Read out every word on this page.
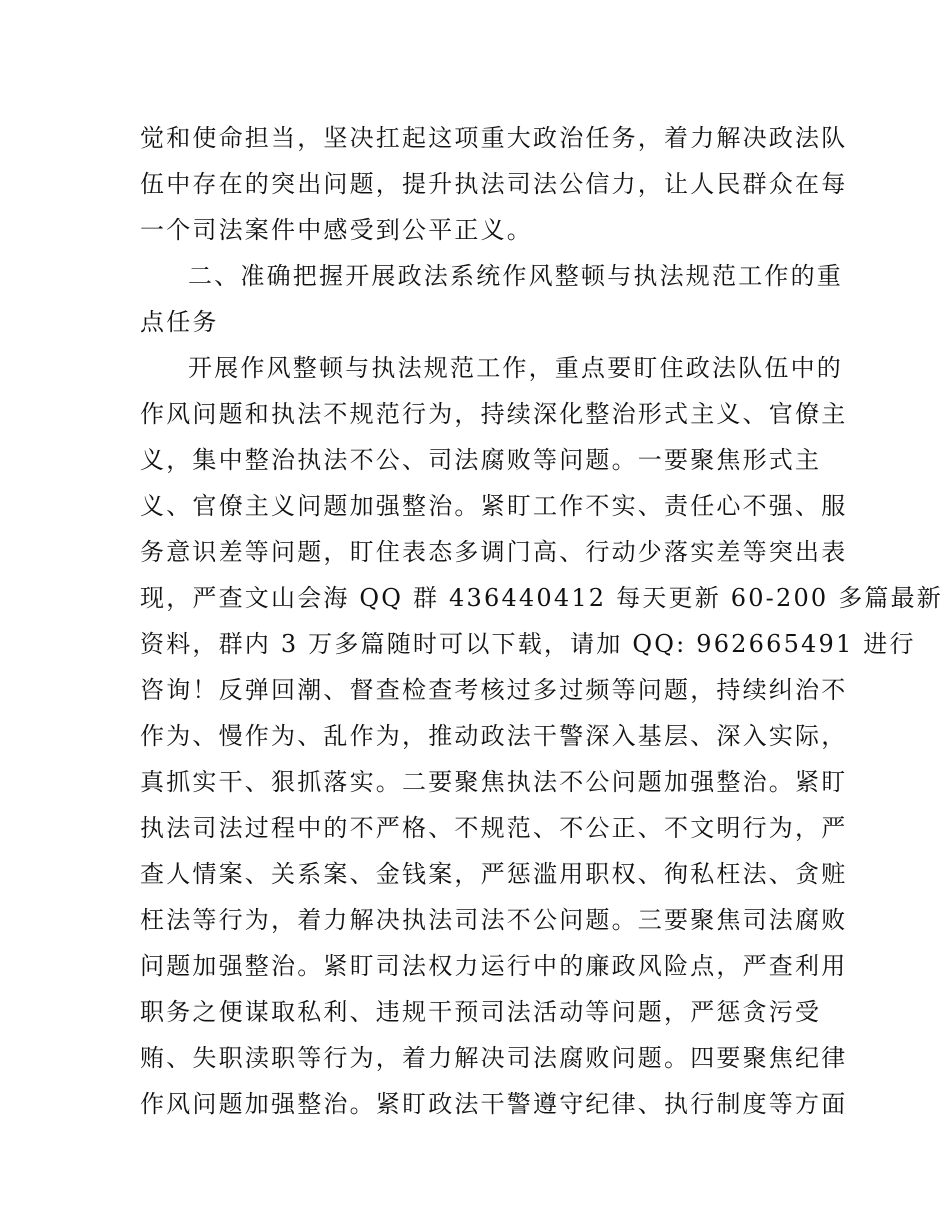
觉和使命担当，坚决扛起这项重大政治任务，着力解决政法队
伍中存在的突出问题，提升执法司法公信力，让人民群众在每
一个司法案件中感受到公平正义。
二、准确把握开展政法系统作风整顿与执法规范工作的重
点任务
开展作风整顿与执法规范工作，重点要盯住政法队伍中的
作风问题和执法不规范行为，持续深化整治形式主义、官僚主
义，集中整治执法不公、司法腐败等问题。一要聚焦形式主
义、官僚主义问题加强整治。紧盯工作不实、责任心不强、服
务意识差等问题，盯住表态多调门高、行动少落实差等突出表
现，严查文山会海 QQ 群 436440412 每天更新 60-200 多篇最新
资料，群内 3 万多篇随时可以下载，请加 QQ: 962665491 进行
咨询！反弹回潮、督查检查考核过多过频等问题，持续纠治不
作为、慢作为、乱作为，推动政法干警深入基层、深入实际，
真抓实干、狠抓落实。二要聚焦执法不公问题加强整治。紧盯
执法司法过程中的不严格、不规范、不公正、不文明行为，严
查人情案、关系案、金钱案，严惩滥用职权、徇私枉法、贪赃
枉法等行为，着力解决执法司法不公问题。三要聚焦司法腐败
问题加强整治。紧盯司法权力运行中的廉政风险点，严查利用
职务之便谋取私利、违规干预司法活动等问题，严惩贪污受
贿、失职渎职等行为，着力解决司法腐败问题。四要聚焦纪律
作风问题加强整治。紧盯政法干警遵守纪律、执行制度等方面
